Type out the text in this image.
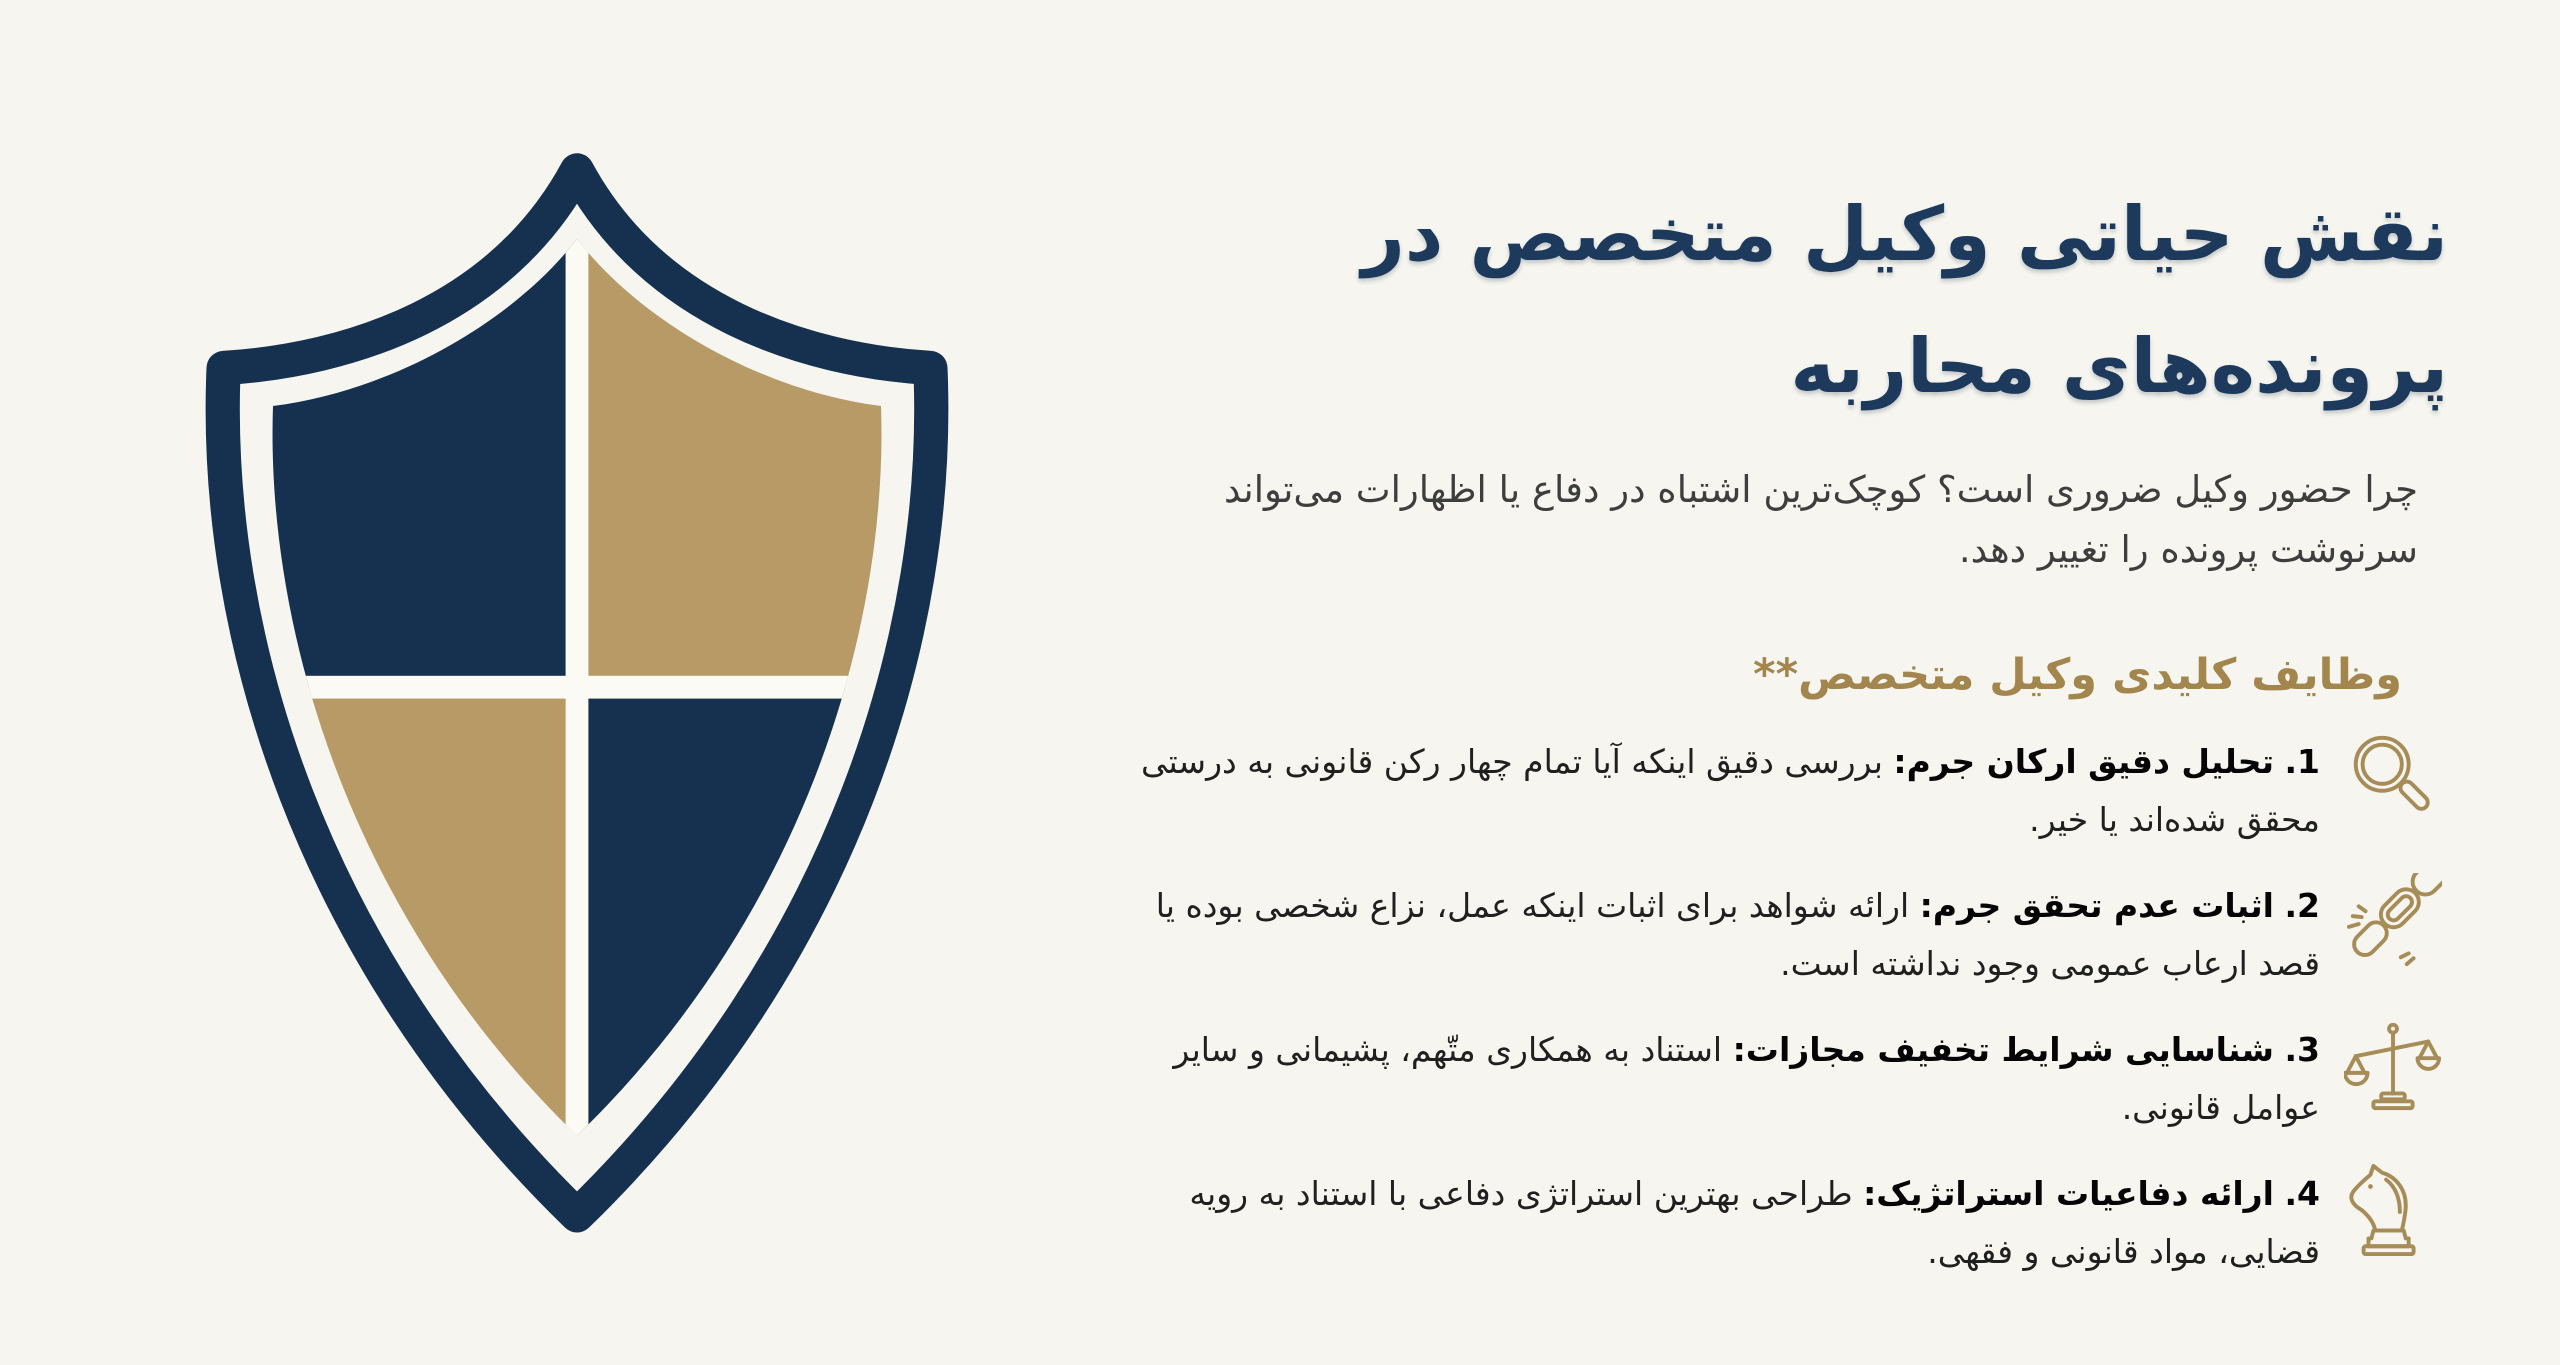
نقش حیاتی وکیل متخصص در
پرونده‌های محاربه
چرا حضور وکیل ضروری است؟ کوچک‌ترین اشتباه در دفاع یا اظهارات می‌تواند
سرنوشت پرونده را تغییر دهد.
وظایف کلیدی وکیل متخصص**
1. تحلیل دقیق ارکان جرم: بررسی دقیق اینکه آیا تمام چهار رکن قانونی به درستی محقق شده‌اند یا خیر.
2. اثبات عدم تحقق جرم: ارائه شواهد برای اثبات اینکه عمل، نزاع شخصی بوده یا قصد ارعاب عمومی وجود نداشته است.
3. شناسایی شرایط تخفیف مجازات: استناد به همکاری متّهم، پشیمانی و سایر عوامل قانونی.
4. ارائه دفاعیات استراتژیک: طراحی بهترین استراتژی دفاعی با استناد به رویه قضایی، مواد قانونی و فقهی.
